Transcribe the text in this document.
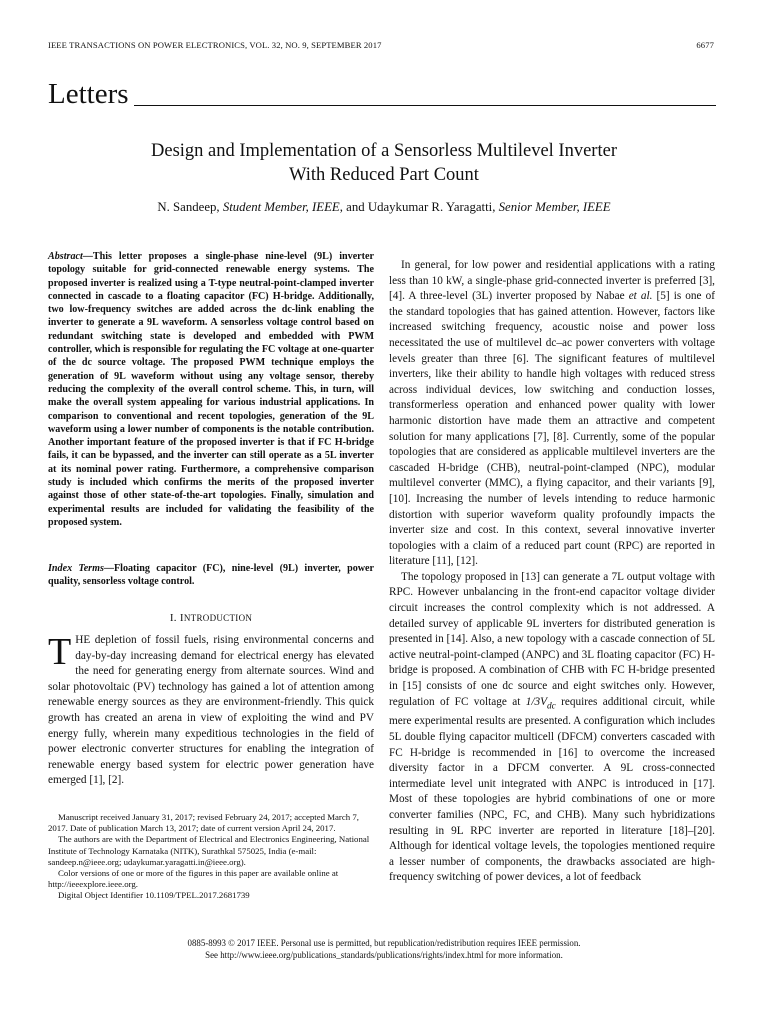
IEEE TRANSACTIONS ON POWER ELECTRONICS, VOL. 32, NO. 9, SEPTEMBER 2017	6677
Letters
Design and Implementation of a Sensorless Multilevel Inverter
With Reduced Part Count
N. Sandeep, Student Member, IEEE, and Udaykumar R. Yaragatti, Senior Member, IEEE

Abstract—This letter proposes a single-phase nine-level (9L) inverter topology suitable for grid-connected renewable energy systems. The proposed inverter is realized using a T-type neutral-point-clamped inverter connected in cascade to a floating capacitor (FC) H-bridge. Additionally, two low-frequency switches are added across the dc-link enabling the inverter to generate a 9L waveform. A sensorless voltage control based on redundant switching state is developed and embedded with PWM controller, which is responsible for regulating the FC voltage at one-quarter of the dc source voltage. The proposed PWM technique employs the generation of 9L waveform without using any voltage sensor, thereby reducing the complexity of the overall control scheme. This, in turn, will make the overall system appealing for various industrial applications. In comparison to conventional and recent topologies, generation of the 9L waveform using a lower number of components is the notable contribution. Another important feature of the proposed inverter is that if FC H-bridge fails, it can be bypassed, and the inverter can still operate as a 5L inverter at its nominal power rating. Furthermore, a comprehensive comparison study is included which confirms the merits of the proposed inverter against those of other state-of-the-art topologies. Finally, simulation and experimental results are included for validating the feasibility of the proposed system.

Index Terms—Floating capacitor (FC), nine-level (9L) inverter, power quality, sensorless voltage control.

I. INTRODUCTION

THE depletion of fossil fuels, rising environmental concerns and day-by-day increasing demand for electrical energy has elevated the need for generating energy from alternate sources. Wind and solar photovoltaic (PV) technology has gained a lot of attention among renewable energy sources as they are environment-friendly. This quick growth has created an arena in view of exploiting the wind and PV energy fully, wherein many expeditious technologies in the field of power electronic converter structures for enabling the integration of renewable energy based system for electric power generation have emerged [1], [2].

Manuscript received January 31, 2017; revised February 24, 2017; accepted March 7, 2017. Date of publication March 13, 2017; date of current version April 24, 2017.

The authors are with the Department of Electrical and Electronics Engineering, National Institute of Technology Karnataka (NITK), Surathkal 575025, India (e-mail: sandeep.n@ieee.org; udaykumar.yaragatti.in@ieee.org).

Color versions of one or more of the figures in this paper are available online at http://ieeexplore.ieee.org.

Digital Object Identifier 10.1109/TPEL.2017.2681739

In general, for low power and residential applications with a rating less than 10 kW, a single-phase grid-connected inverter is preferred [3], [4]. A three-level (3L) inverter proposed by Nabae et al. [5] is one of the standard topologies that has gained attention. However, factors like increased switching frequency, acoustic noise and power loss necessitated the use of multilevel dc–ac power converters with voltage levels greater than three [6]. The significant features of multilevel inverters, like their ability to handle high voltages with reduced stress across individual devices, low switching and conduction losses, transformerless operation and enhanced power quality with lower harmonic distortion have made them an attractive and competent solution for many applications [7], [8]. Currently, some of the popular topologies that are considered as applicable multilevel inverters are the cascaded H-bridge (CHB), neutral-point-clamped (NPC), modular multilevel converter (MMC), a flying capacitor, and their variants [9], [10]. Increasing the number of levels intending to reduce harmonic distortion with superior waveform quality profoundly impacts the inverter size and cost. In this context, several innovative inverter topologies with a claim of a reduced part count (RPC) are reported in literature [11], [12].

The topology proposed in [13] can generate a 7L output voltage with RPC. However unbalancing in the front-end capacitor voltage divider circuit increases the control complexity which is not addressed. A detailed survey of applicable 9L inverters for distributed generation is presented in [14]. Also, a new topology with a cascade connection of 5L active neutral-point-clamped (ANPC) and 3L floating capacitor (FC) H-bridge is proposed. A combination of CHB with FC H-bridge presented in [15] consists of one dc source and eight switches only. However, regulation of FC voltage at $1/3V_{dc}$ requires additional circuit, while mere experimental results are presented. A configuration which includes 5L double flying capacitor multicell (DFCM) converters cascaded with FC H-bridge is recommended in [16] to overcome the increased diversity factor in a DFCM converter. A 9L cross-connected intermediate level unit integrated with ANPC is introduced in [17]. Most of these topologies are hybrid combinations of one or more converter families (NPC, FC, and CHB). Many such hybridizations resulting in 9L RPC inverter are reported in literature [18]–[20]. Although for identical voltage levels, the topologies mentioned require a lesser number of components, the drawbacks associated are high-frequency switching of power devices, a lot of feedback

0885-8993 © 2017 IEEE. Personal use is permitted, but republication/redistribution requires IEEE permission.
See http://www.ieee.org/publications_standards/publications/rights/index.html for more information.
